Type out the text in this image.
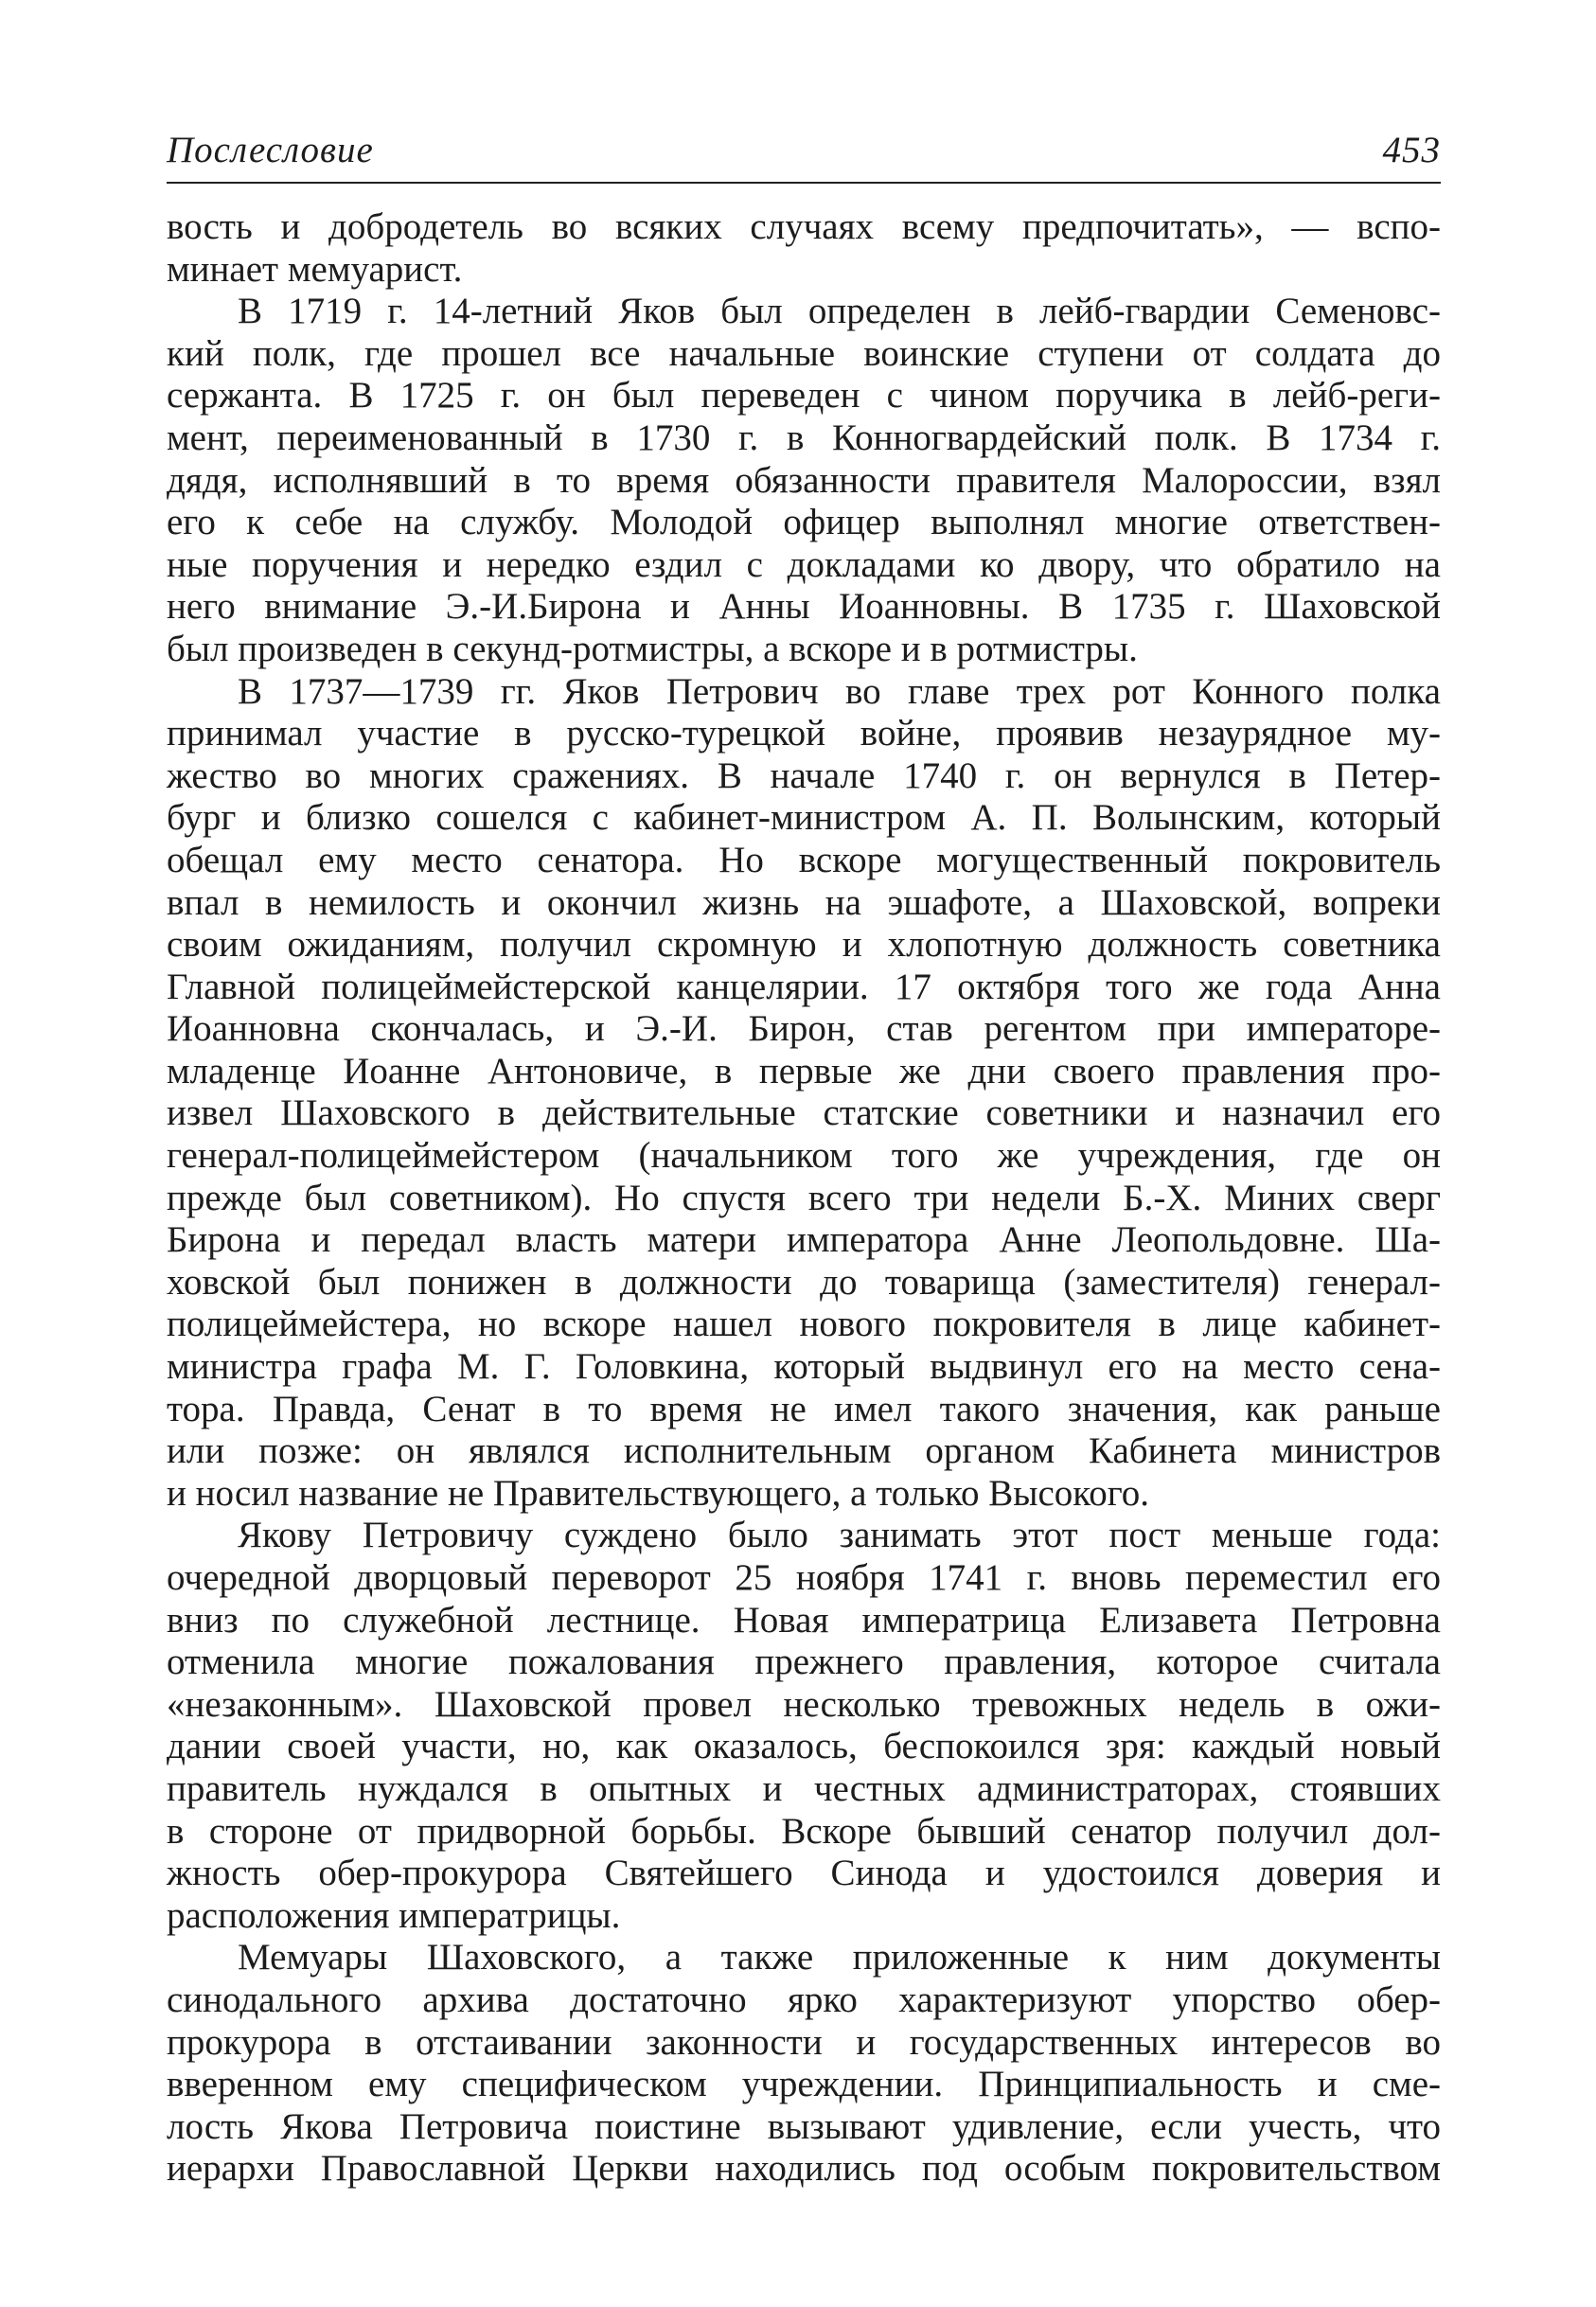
Послесловие	453

вость и добродетель во всяких случаях всему предпочитать», — вспо-

минает мемуарист.

В 1719 г. 14-летний Яков был определен в лейб-гвардии Семеновс-

кий полк, где прошел все начальные воинские ступени от солдата до

сержанта. В 1725 г. он был переведен с чином поручика в лейб-реги-

мент, переименованный в 1730 г. в Конногвардейский полк. В 1734 г.

дядя, исполнявший в то время обязанности правителя Малороссии, взял

его к себе на службу. Молодой офицер выполнял многие ответствен-

ные поручения и нередко ездил с докладами ко двору, что обратило на

него внимание Э.-И.Бирона и Анны Иоанновны. В 1735 г. Шаховской

был произведен в секунд-ротмистры, а вскоре и в ротмистры.

В 1737—1739 гг. Яков Петрович во главе трех рот Конного полка

принимал участие в русско-турецкой войне, проявив незаурядное му-

жество во многих сражениях. В начале 1740 г. он вернулся в Петер-

бург и близко сошелся с кабинет-министром А. П. Волынским, который

обещал ему место сенатора. Но вскоре могущественный покровитель

впал в немилость и окончил жизнь на эшафоте, а Шаховской, вопреки

своим ожиданиям, получил скромную и хлопотную должность советника

Главной полицеймейстерской канцелярии. 17 октября того же года Анна

Иоанновна скончалась, и Э.-И. Бирон, став регентом при императоре-

младенце Иоанне Антоновиче, в первые же дни своего правления про-

извел Шаховского в действительные статские советники и назначил его

генерал-полицеймейстером (начальником того же учреждения, где он

прежде был советником). Но спустя всего три недели Б.-Х. Миних сверг

Бирона и передал власть матери императора Анне Леопольдовне. Ша-

ховской был понижен в должности до товарища (заместителя) генерал-

полицеймейстера, но вскоре нашел нового покровителя в лице кабинет-

министра графа М. Г. Головкина, который выдвинул его на место сена-

тора. Правда, Сенат в то время не имел такого значения, как раньше

или позже: он являлся исполнительным органом Кабинета министров

и носил название не Правительствующего, а только Высокого.

Якову Петровичу суждено было занимать этот пост меньше года:

очередной дворцовый переворот 25 ноября 1741 г. вновь переместил его

вниз по служебной лестнице. Новая императрица Елизавета Петровна

отменила многие пожалования прежнего правления, которое считала

«незаконным». Шаховской провел несколько тревожных недель в ожи-

дании своей участи, но, как оказалось, беспокоился зря: каждый новый

правитель нуждался в опытных и честных администраторах, стоявших

в стороне от придворной борьбы. Вскоре бывший сенатор получил дол-

жность обер-прокурора Святейшего Синода и удостоился доверия и

расположения императрицы.

Мемуары Шаховского, а также приложенные к ним документы

синодального архива достаточно ярко характеризуют упорство обер-

прокурора в отстаивании законности и государственных интересов во

вверенном ему специфическом учреждении. Принципиальность и сме-

лость Якова Петровича поистине вызывают удивление, если учесть, что

иерархи Православной Церкви находились под особым покровительством
